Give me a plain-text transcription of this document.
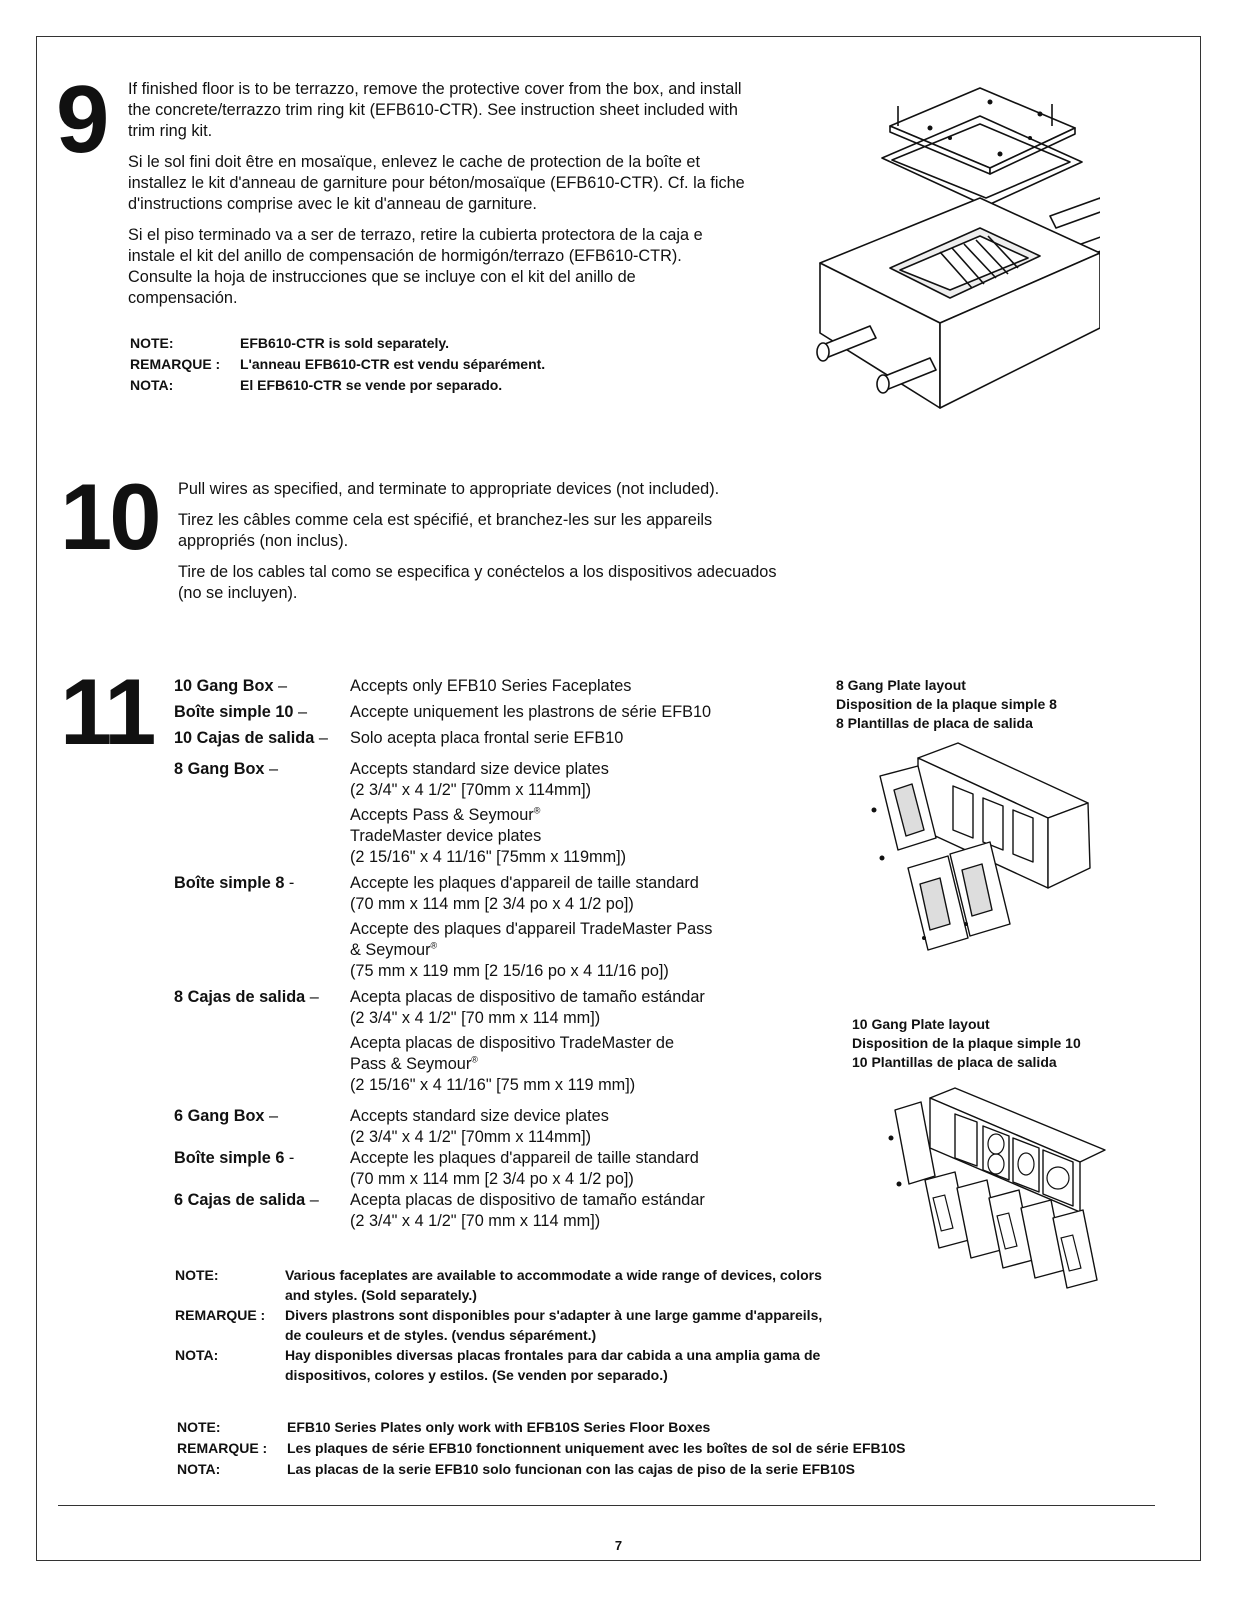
9 If finished floor is to be terrazzo, remove the protective cover from the box, and install the concrete/terrazzo trim ring kit (EFB610-CTR). See instruction sheet included with trim ring kit.

Si le sol fini doit être en mosaïque, enlevez le cache de protection de la boîte et installez le kit d'anneau de garniture pour béton/mosaïque (EFB610-CTR). Cf. la fiche d'instructions comprise avec le kit d'anneau de garniture.

Si el piso terminado va a ser de terrazo, retire la cubierta protectora de la caja e instale el kit del anillo de compensación de hormigón/terrazo (EFB610-CTR). Consulte la hoja de instrucciones que se incluye con el kit del anillo de compensación.

NOTE:	EFB610-CTR is sold separately.
REMARQUE :	L'anneau EFB610-CTR est vendu séparément.
NOTA:	El EFB610-CTR se vende por separado.
10 Pull wires as specified, and terminate to appropriate devices (not included).

Tirez les câbles comme cela est spécifié, et branchez-les sur les appareils appropriés (non inclus).

Tire de los cables tal como se especifica y conéctelos a los dispositivos adecuados (no se incluyen).

11 10 Gang Box –	Accepts only EFB10 Series Faceplates
Boîte simple 10 –	Accepte uniquement les plastrons de série EFB10
10 Cajas de salida –	Solo acepta placa frontal serie EFB10
8 Gang Box –	Accepts standard size device plates
(2 3/4" x 4 1/2" [70mm x 114mm])
Accepts Pass & Seymour®
TradeMaster device plates
(2 15/16" x 4 11/16" [75mm x 119mm])
Boîte simple 8 -	Accepte les plaques d'appareil de taille standard
(70 mm x 114 mm [2 3/4 po x 4 1/2 po])
Accepte des plaques d'appareil TradeMaster Pass
& Seymour®
(75 mm x 119 mm [2 15/16 po x 4 11/16 po])
8 Cajas de salida –	Acepta placas de dispositivo de tamaño estándar
(2 3/4" x 4 1/2" [70 mm x 114 mm])
Acepta placas de dispositivo TradeMaster de
Pass & Seymour®
(2 15/16" x 4 11/16" [75 mm x 119 mm])
6 Gang Box –	Accepts standard size device plates
(2 3/4" x 4 1/2" [70mm x 114mm])
Boîte simple 6 -	Accepte les plaques d'appareil de taille standard
(70 mm x 114 mm [2 3/4 po x 4 1/2 po])
6 Cajas de salida –	Acepta placas de dispositivo de tamaño estándar
(2 3/4" x 4 1/2" [70 mm x 114 mm])
NOTE:	Various faceplates are available to accommodate a wide range of devices, colors and styles. (Sold separately.)
REMARQUE :	Divers plastrons sont disponibles pour s'adapter à une large gamme d'appareils, de couleurs et de styles. (vendus séparément.)
NOTA:	Hay disponibles diversas placas frontales para dar cabida a una amplia gama de dispositivos, colores y estilos. (Se venden por separado.)
NOTE:	EFB10 Series Plates only work with EFB10S Series Floor Boxes
REMARQUE :	Les plaques de série EFB10 fonctionnent uniquement avec les boîtes de sol de série EFB10S
NOTA:	Las placas de la serie EFB10 solo funcionan con las cajas de piso de la serie EFB10S
8 Gang Plate layout
Disposition de la plaque simple 8
8 Plantillas de placa de salida
10 Gang Plate layout
Disposition de la plaque simple 10
10 Plantillas de placa de salida
7
